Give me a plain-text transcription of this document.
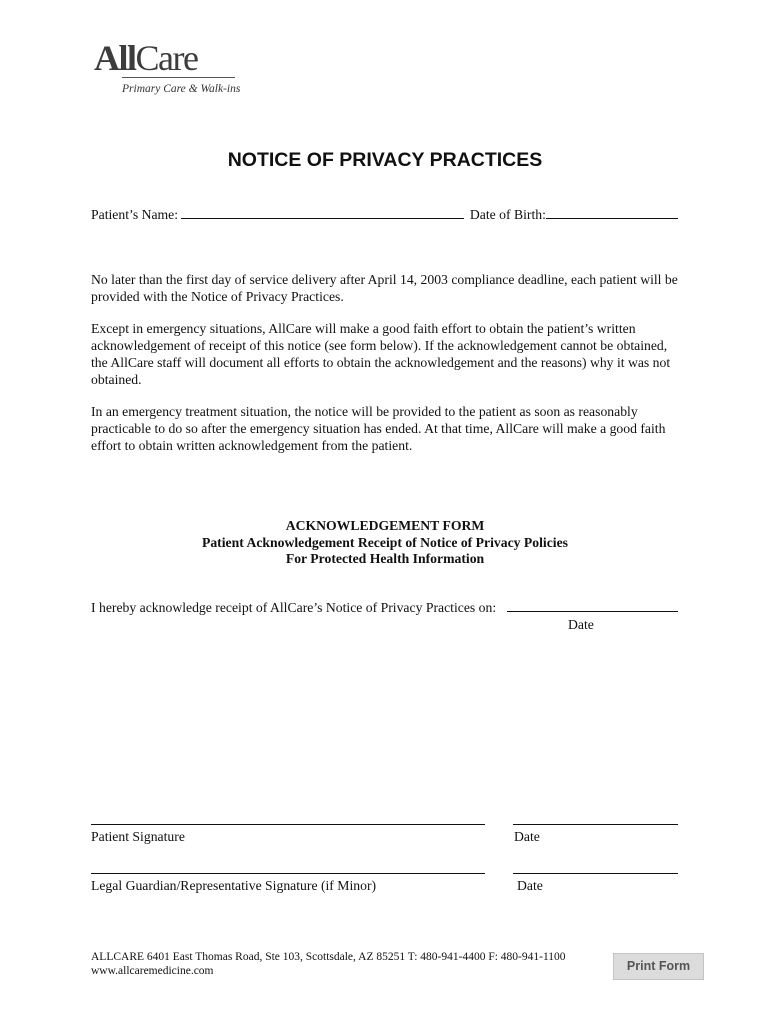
AllCare
Primary Care & Walk-ins
NOTICE OF PRIVACY PRACTICES
Patient’s Name:	Date of Birth:
No later than the first day of service delivery after April 14, 2003 compliance deadline, each patient will be provided with the Notice of Privacy Practices.
Except in emergency situations, AllCare will make a good faith effort to obtain the patient’s written acknowledgement of receipt of this notice (see form below). If the acknowledgement cannot be obtained, the AllCare staff will document all efforts to obtain the acknowledgement and the reasons) why it was not obtained.
In an emergency treatment situation, the notice will be provided to the patient as soon as reasonably practicable to do so after the emergency situation has ended. At that time, AllCare will make a good faith effort to obtain written acknowledgement from the patient.
ACKNOWLEDGEMENT FORM
Patient Acknowledgement Receipt of Notice of Privacy Policies
For Protected Health Information
I hereby acknowledge receipt of AllCare’s Notice of Privacy Practices on:
Date
Patient Signature	Date
Legal Guardian/Representative Signature (if Minor)	Date
ALLCARE 6401 East Thomas Road, Ste 103, Scottsdale, AZ 85251 T: 480-941-4400 F: 480-941-1100
www.allcaremedicine.com	Print Form
